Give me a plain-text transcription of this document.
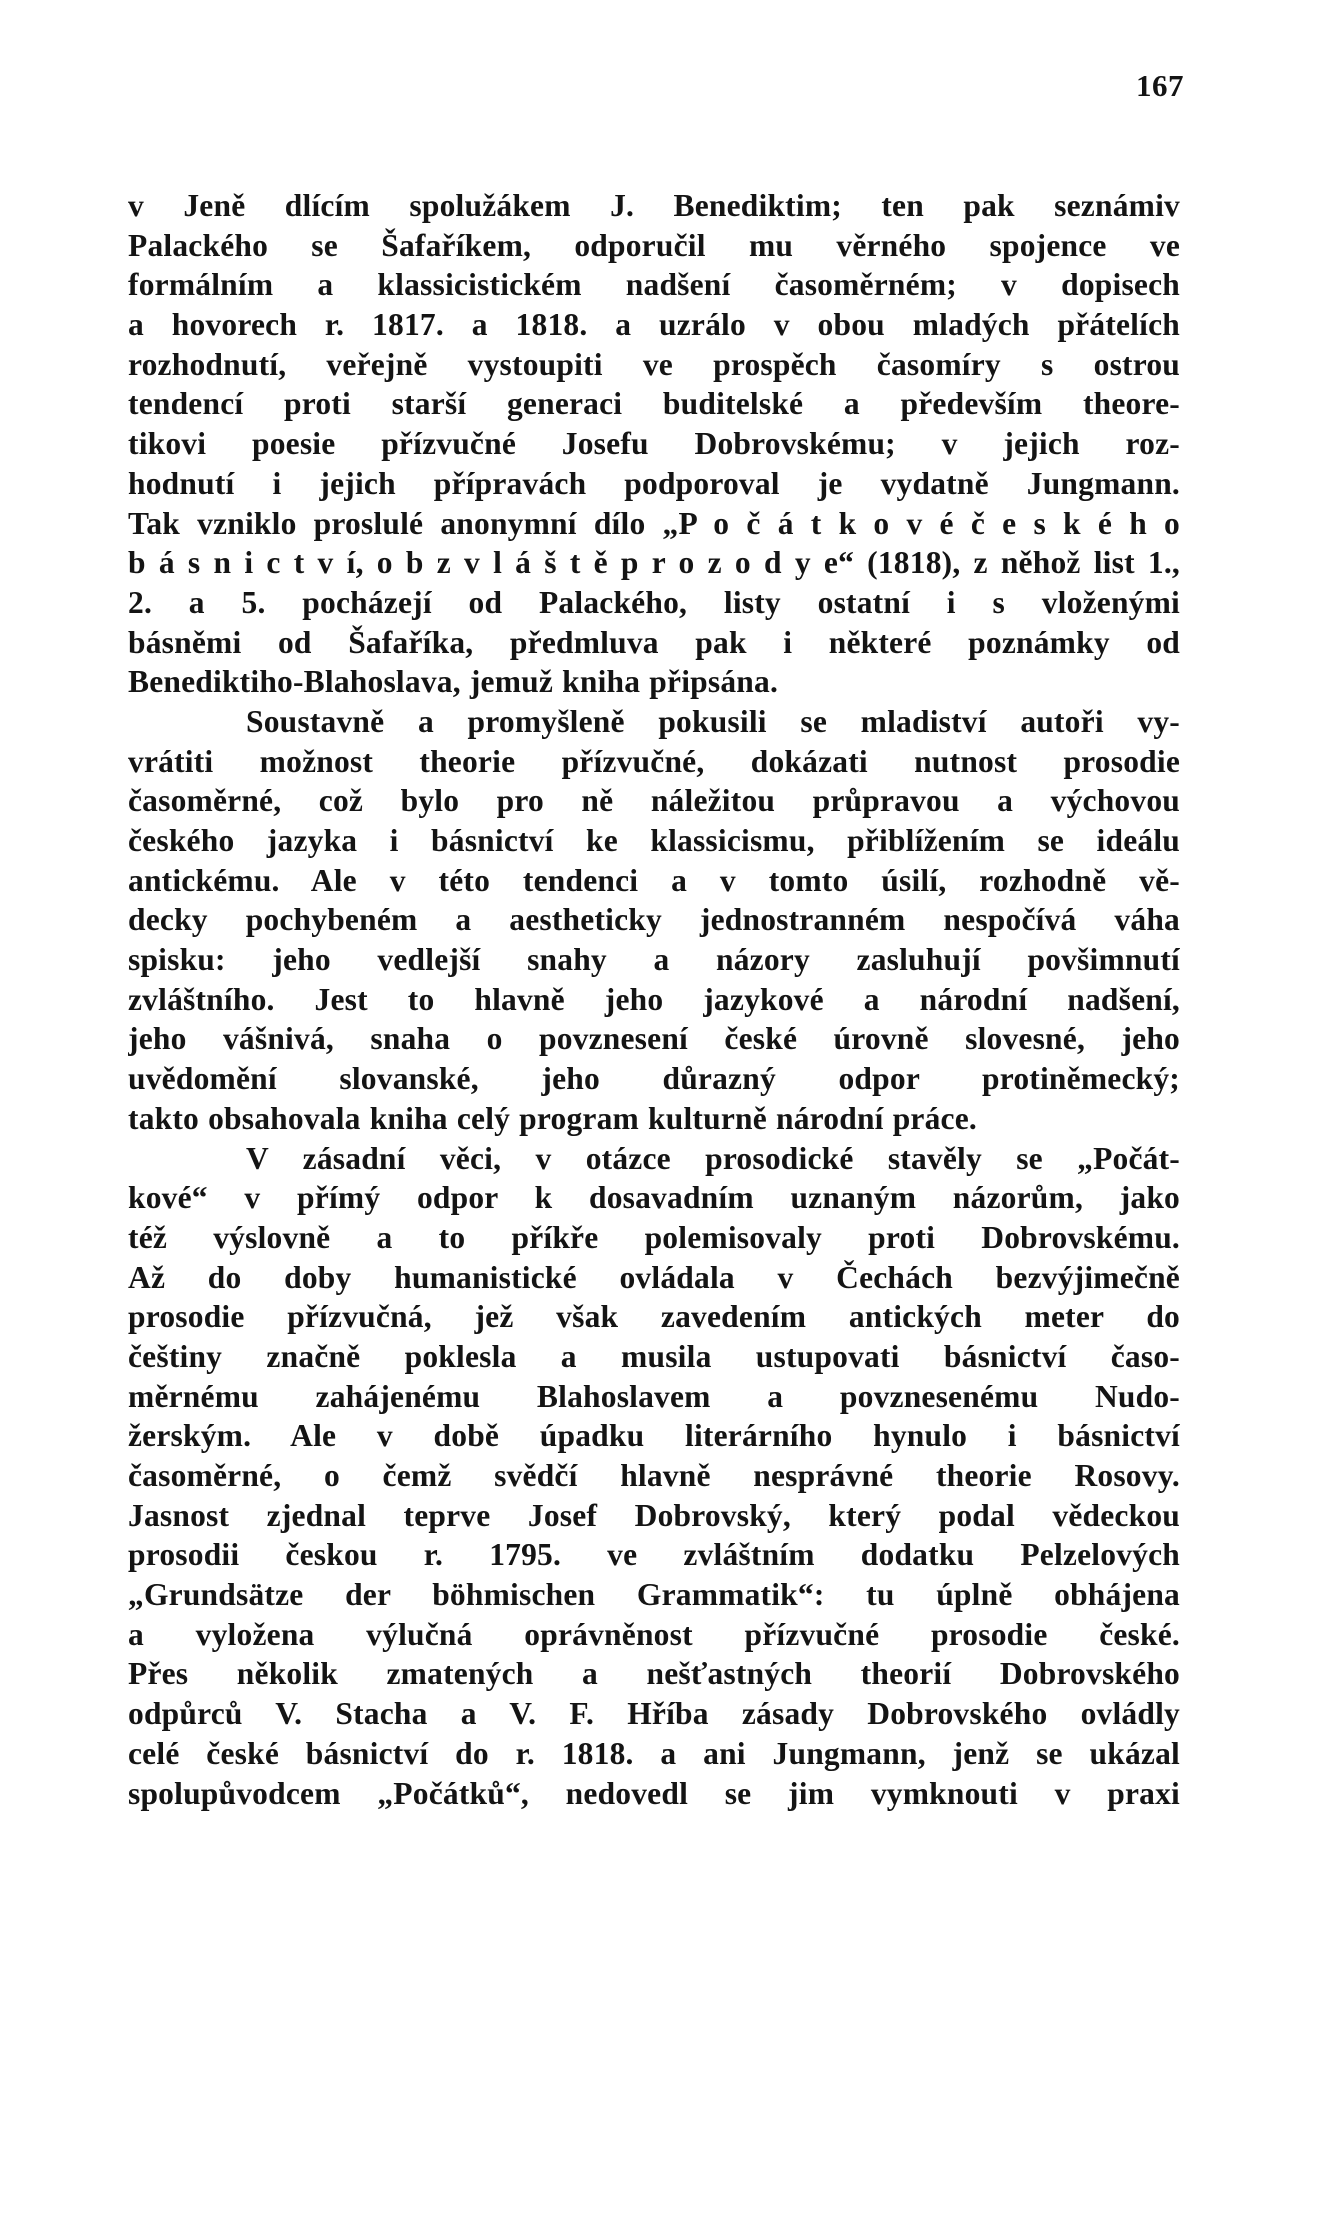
167
v Jeně dlícím spolužákem J. Benediktim; ten pak seznámiv
Palackého se Šafaříkem, odporučil mu věrného spojence ve
formálním a klassicistickém nadšení časoměrném; v dopisech
a hovorech r. 1817. a 1818. a uzrálo v obou mladých přátelích
rozhodnutí, veřejně vystoupiti ve prospěch časomíry s ostrou
tendencí proti starší generaci buditelské a především theore-
tikovi poesie přízvučné Josefu Dobrovskému; v jejich roz-
hodnutí i jejich přípravách podporoval je vydatně Jungmann.
Tak vzniklo proslulé anonymní dílo „P o č á t k o v é č e s k é h o
b á s n i c t v í, o b z v l á š t ě p r o z o d y e“ (1818), z něhož list 1.,
2. a 5. pocházejí od Palackého, listy ostatní i s vloženými
básněmi od Šafaříka, předmluva pak i některé poznámky od
Benediktiho-Blahoslava, jemuž kniha připsána.
Soustavně a promyšleně pokusili se mladiství autoři vy-
vrátiti možnost theorie přízvučné, dokázati nutnost prosodie
časoměrné, což bylo pro ně náležitou průpravou a výchovou
českého jazyka i básnictví ke klassicismu, přiblížením se ideálu
antickému. Ale v této tendenci a v tomto úsilí, rozhodně vě-
decky pochybeném a aestheticky jednostranném nespočívá váha
spisku: jeho vedlejší snahy a názory zasluhují povšimnutí
zvláštního. Jest to hlavně jeho jazykové a národní nadšení,
jeho vášnivá, snaha o povznesení české úrovně slovesné, jeho
uvědomění slovanské, jeho důrazný odpor protiněmecký;
takto obsahovala kniha celý program kulturně národní práce.
V zásadní věci, v otázce prosodické stavěly se „Počát-
kové“ v přímý odpor k dosavadním uznaným názorům, jako
též výslovně a to příkře polemisovaly proti Dobrovskému.
Až do doby humanistické ovládala v Čechách bezvýjimečně
prosodie přízvučná, jež však zavedením antických meter do
češtiny značně poklesla a musila ustupovati básnictví časo-
měrnému zahájenému Blahoslavem a povznesenému Nudo-
žerským. Ale v době úpadku literárního hynulo i básnictví
časoměrné, o čemž svědčí hlavně nesprávné theorie Rosovy.
Jasnost zjednal teprve Josef Dobrovský, který podal vědeckou
prosodii českou r. 1795. ve zvláštním dodatku Pelzelových
„Grundsätze der böhmischen Grammatik“: tu úplně obhájena
a vyložena výlučná oprávněnost přízvučné prosodie české.
Přes několik zmatených a nešťastných theorií Dobrovského
odpůrců V. Stacha a V. F. Hříba zásady Dobrovského ovládly
celé české básnictví do r. 1818. a ani Jungmann, jenž se ukázal
spolupůvodcem „Počátků“, nedovedl se jim vymknouti v praxi
